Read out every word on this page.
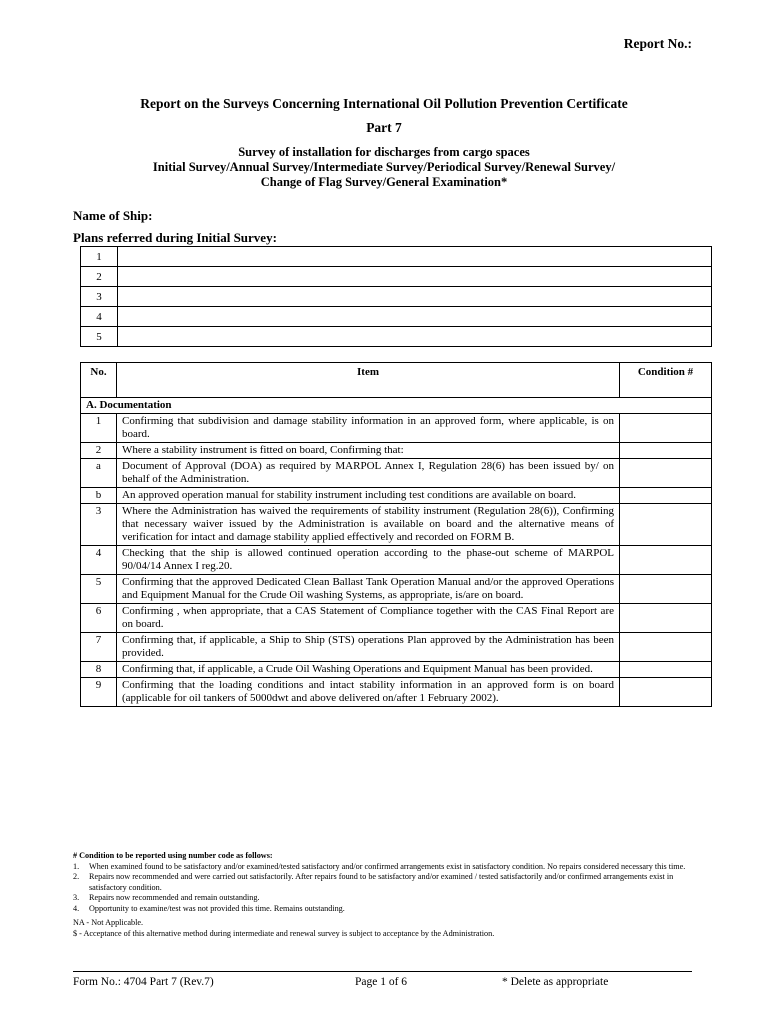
Report No.:
Report on the Surveys Concerning International Oil Pollution Prevention Certificate
Part 7
Survey of installation for discharges from cargo spaces
Initial Survey/Annual Survey/Intermediate Survey/Periodical Survey/Renewal Survey/
Change of Flag Survey/General Examination*
Name of Ship:
Plans referred during Initial Survey:
1	
2	
3	
4	
5	
No.	Item	Condition #
A. Documentation		
1	Confirming that subdivision and damage stability information in an approved form, where applicable, is on board.	
2	Where a stability instrument is fitted on board, Confirming that:	
a	Document of Approval (DOA) as required by MARPOL Annex I, Regulation 28(6) has been issued by/ on behalf of the Administration.	
b	An approved operation manual for stability instrument including test conditions are available on board.	
3	Where the Administration has waived the requirements of stability instrument (Regulation 28(6)), Confirming that necessary waiver issued by the Administration is available on board and the alternative means of verification for intact and damage stability applied effectively and recorded on FORM B.	
4	Checking that the ship is allowed continued operation according to the phase-out scheme of MARPOL 90/04/14 Annex I reg.20.	
5	Confirming that the approved Dedicated Clean Ballast Tank Operation Manual and/or the approved Operations and Equipment Manual for the Crude Oil washing Systems, as appropriate, is/are on board.	
6	Confirming , when appropriate, that a CAS Statement of Compliance together with the CAS Final Report are on board.	
7	Confirming that, if applicable, a Ship to Ship (STS) operations Plan approved by the Administration has been provided.	
8	Confirming that, if applicable, a Crude Oil Washing Operations and Equipment Manual has been provided.	
9	Confirming that the loading conditions and intact stability information in an approved form is on board (applicable for oil tankers of 5000dwt and above delivered on/after 1 February 2002).	
# Condition to be reported using number code as follows:
1.	When examined found to be satisfactory and/or examined/tested satisfactory and/or confirmed arrangements exist in satisfactory condition. No repairs considered necessary this time.
2.	Repairs now recommended and were carried out satisfactorily. After repairs found to be satisfactory and/or examined / tested satisfactorily and/or confirmed arrangements exist in satisfactory condition.
3.	Repairs now recommended and remain outstanding.
4.	Opportunity to examine/test was not provided this time. Remains outstanding.
NA - Not Applicable.
$ - Acceptance of this alternative method during intermediate and renewal survey is subject to acceptance by the Administration.
Form No.: 4704 Part 7 (Rev.7)	Page 1 of 6	* Delete as appropriate
